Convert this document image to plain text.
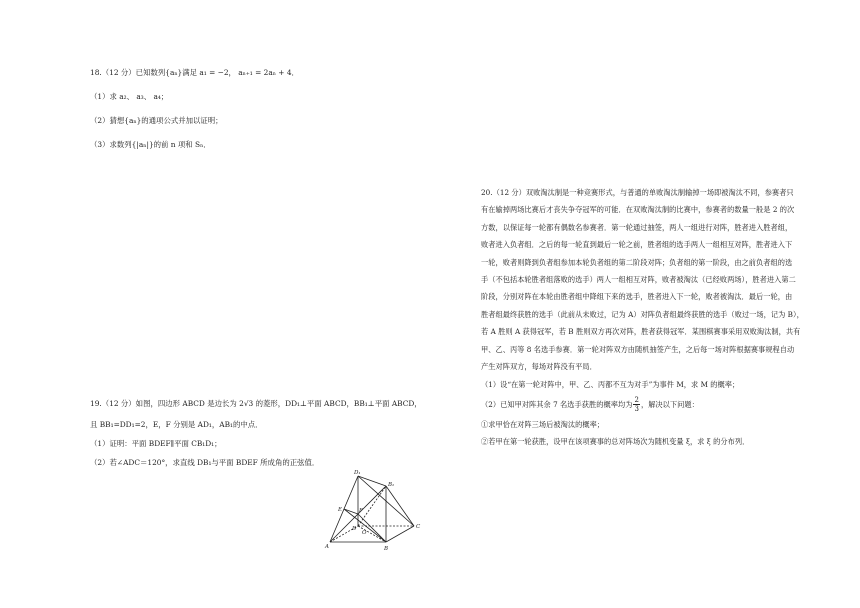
18.（12 分）已知数列{aₙ}满足 a₁ = −2， aₙ₊₁ = 2aₙ + 4．

（1）求 a₂、 a₃、 a₄；

（2）猜想{aₙ}的通项公式并加以证明；

（3）求数列{|aₙ|}的前 n 项和 Sₙ．

19.（12 分）如图，四边形 ABCD 是边长为 2√3 的菱形，DD₁⊥平面 ABCD，BB₁⊥平面 ABCD，

且 BB₁=DD₁=2，E，F 分别是 AD₁，AB₁的中点．

（1）证明：平面 BDEF∥平面 CB₁D₁；

（2）若∠ADC＝120°，求直线 DB₁与平面 BDEF 所成角的正弦值．

D₁
B₁
E	F
D
O
C
A	B

20.（12 分）双败淘汰制是一种竞赛形式，与普通的单败淘汰制输掉一场即被淘汰不同，参赛者只

有在输掉两场比赛后才丧失争夺冠军的可能．在双败淘汰制的比赛中，参赛者的数量一般是 2 的次

方数，以保证每一轮都有偶数名参赛者．第一轮通过抽签，两人一组进行对阵，胜者进入胜者组，

败者进入负者组．之后的每一轮直到最后一轮之前，胜者组的选手两人一组相互对阵，胜者进入下

一轮，败者则降到负者组参加本轮负者组的第二阶段对阵；负者组的第一阶段，由之前负者组的选

手（不包括本轮胜者组落败的选手）两人一组相互对阵，败者被淘汰（已经败两场），胜者进入第二

阶段，分别对阵在本轮由胜者组中降组下来的选手，胜者进入下一轮，败者被淘汰．最后一轮，由

胜者组最终获胜的选手（此前从未败过，记为 A）对阵负者组最终获胜的选手（败过一场，记为 B），

若 A 胜则 A 获得冠军，若 B 胜则双方再次对阵，胜者获得冠军．某围棋赛事采用双败淘汰制，共有

甲、乙、丙等 8 名选手参赛．第一轮对阵双方由随机抽签产生，之后每一场对阵根据赛事规程自动

产生对阵双方，每场对阵没有平局．

（1）设“在第一轮对阵中，甲、乙、丙都不互为对手”为事件 M，求 M 的概率；

（2）已知甲对阵其余 7 名选手获胜的概率均为 $\frac{2}{3}$ ，解决以下问题：

①求甲恰在对阵三场后被淘汰的概率；

②若甲在第一轮获胜，设甲在该项赛事的总对阵场次为随机变量 ξ，求 ξ 的分布列．
